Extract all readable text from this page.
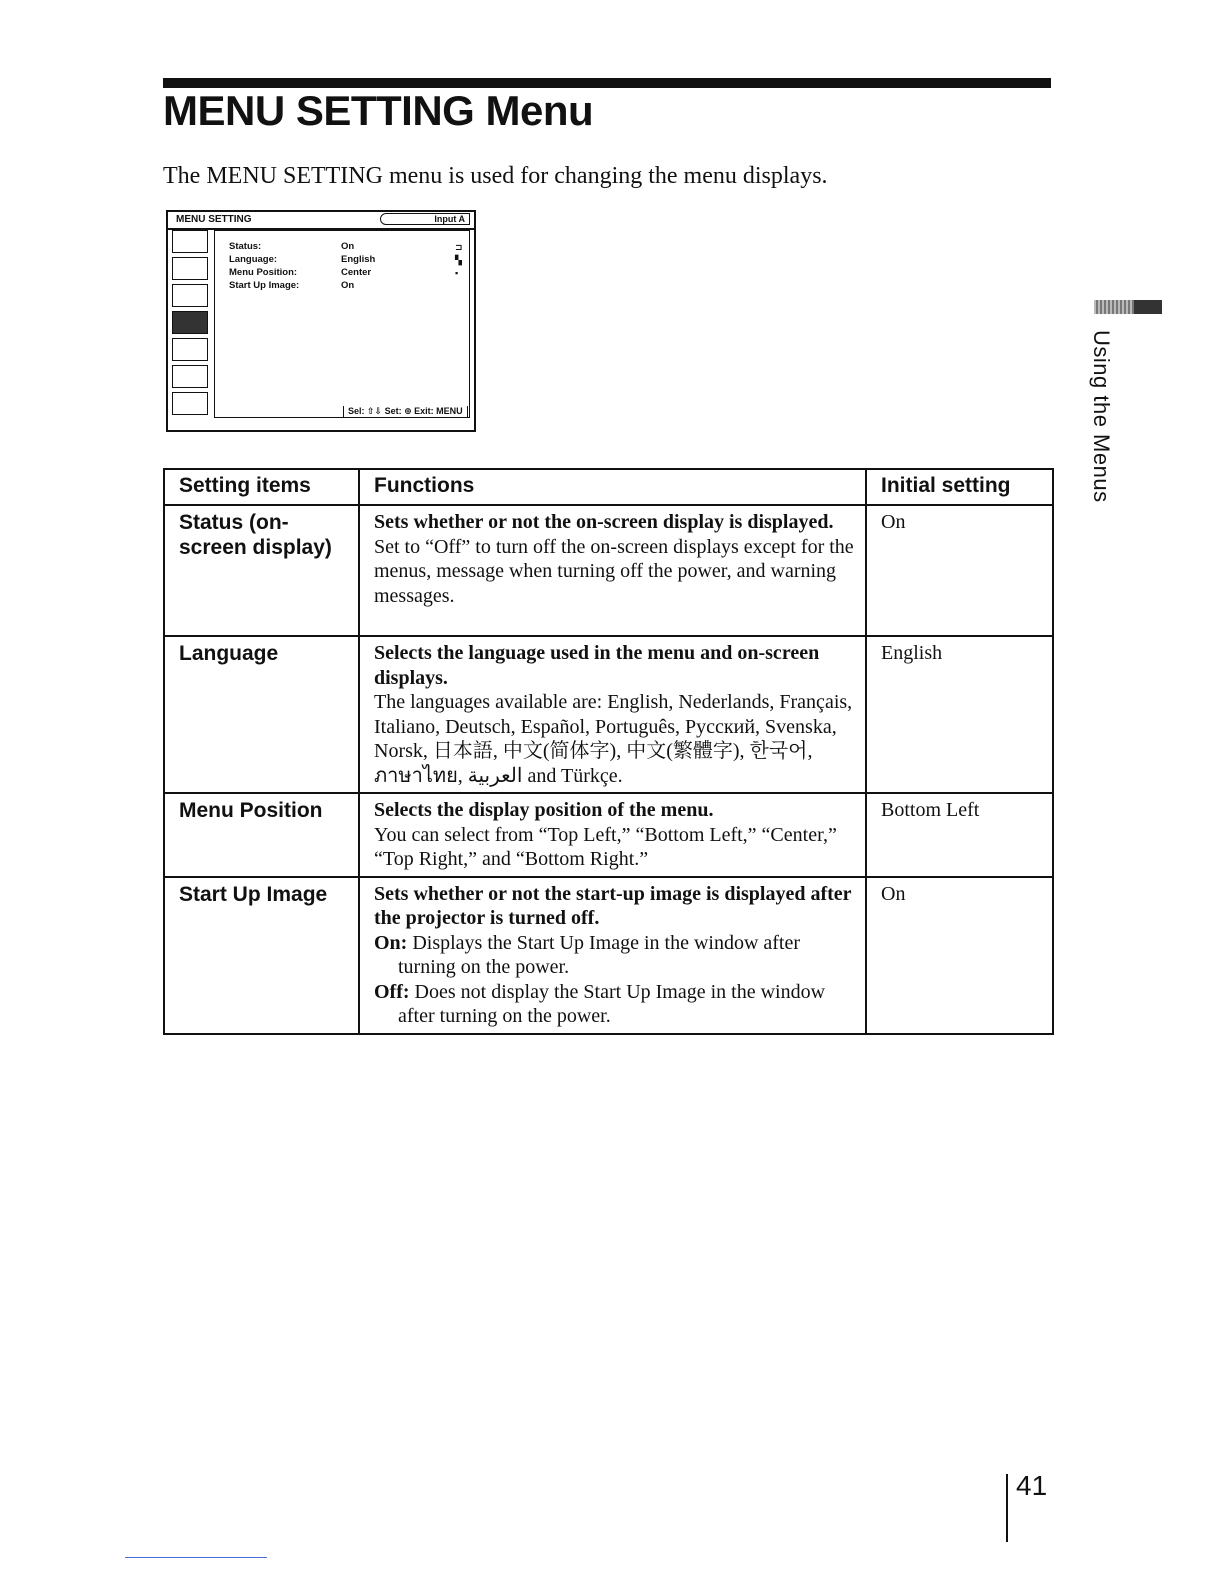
MENU SETTING Menu

The MENU SETTING menu is used for changing the menu displays.

MENU SETTING	Input A
Status:	On	⊐
Language:	English	▚
Menu Position:	Center	▪
Start Up Image:	On
Sel: ⇧⇩ Set: ⊕ Exit: MENU
Setting items	Functions	Initial setting
Status (on-screen display)	Sets whether or not the on-screen display is displayed.
Set to “Off” to turn off the on-screen displays except for the menus, message when turning off the power, and warning messages.	On
Language	Selects the language used in the menu and on-screen displays.
The languages available are: English, Nederlands, Français, Italiano, Deutsch, Español, Português, Pусский, Svenska, Norsk, 日本語, 中文(简体字), 中文(繁體字), 한국어, ภาษาไทย, العربية and Türkçe.	English
Menu Position	Selects the display position of the menu.
You can select from “Top Left,” “Bottom Left,” “Center,” “Top Right,” and “Bottom Right.”	Bottom Left
Start Up Image	Sets whether or not the start-up image is displayed after the projector is turned off.
On: Displays the Start Up Image in the window after turning on the power.
Off: Does not display the Start Up Image in the window after turning on the power.	On
Using the Menus
41
